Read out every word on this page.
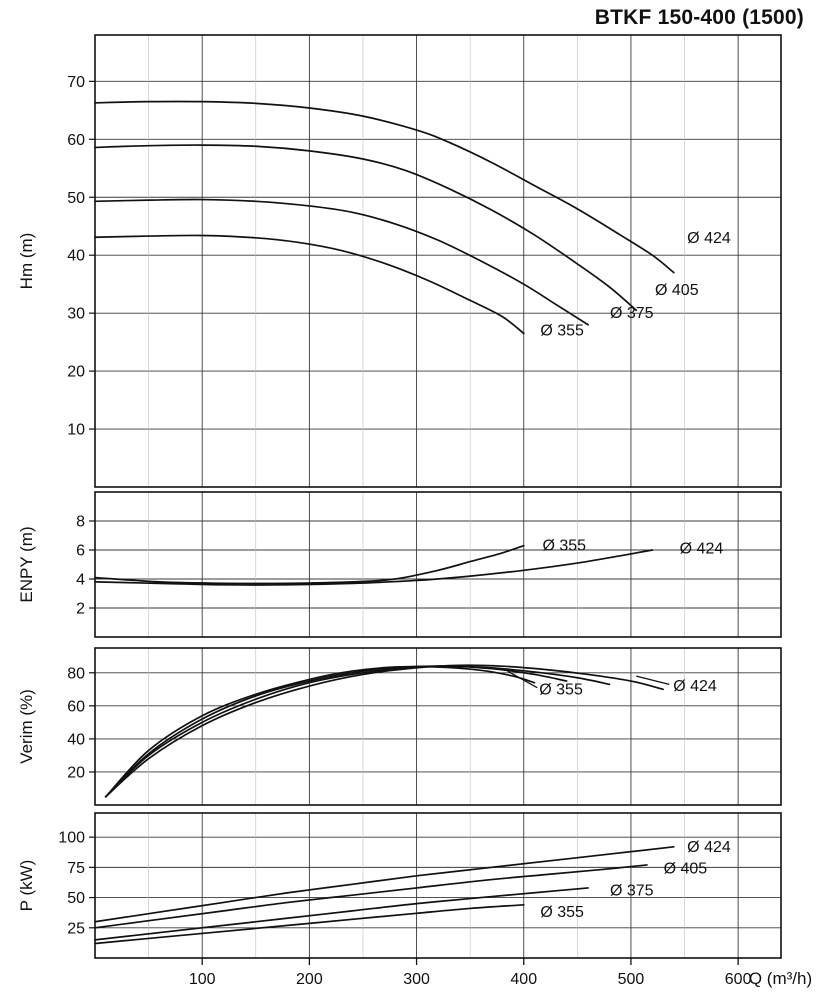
BTKF 150-400 (1500)
10
20
30
40
50
60
70
Hm (m)	Ø 424
Ø 405
Ø 375
Ø 355
2
4
6
8
ENPY (m)	Ø 355	Ø 424
20
40
60
80
Verim (%)	Ø 355	Ø 424
25
50
75
100
P (kW)
Ø 424
Ø 405
Ø 375
Ø 355
100	200	300	400	500	600
Q (m³/h)
